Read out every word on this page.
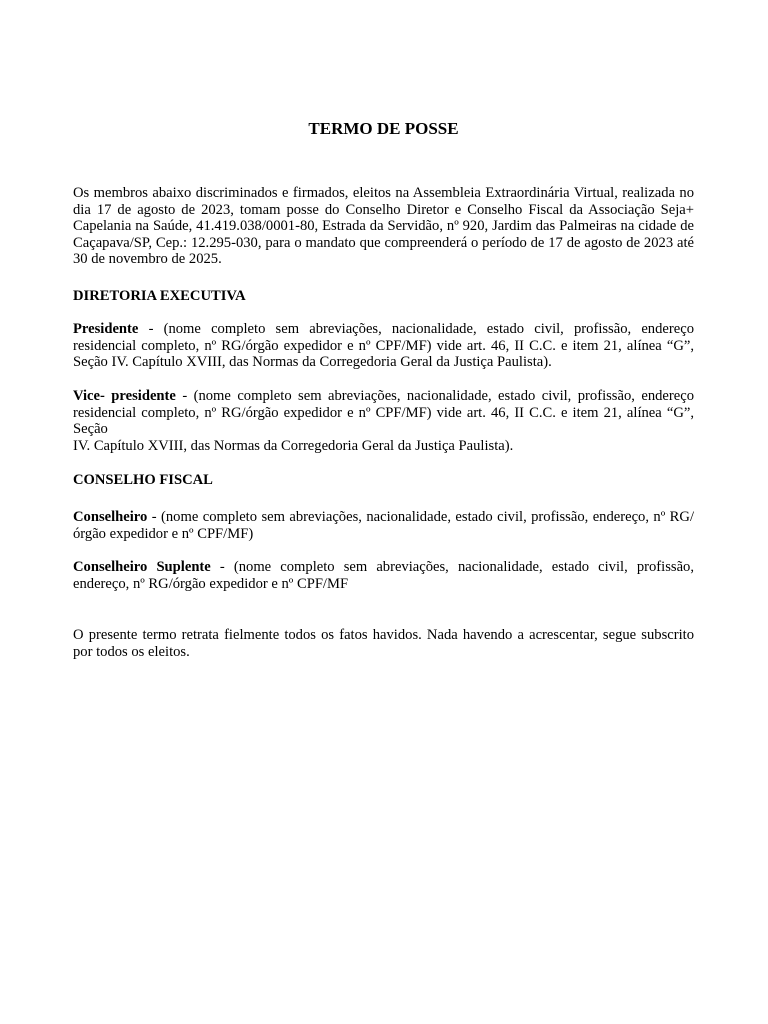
TERMO DE POSSE

Os membros abaixo discriminados e firmados, eleitos na Assembleia Extraordinária Virtual, realizada no dia 17 de agosto de 2023, tomam posse do Conselho Diretor e Conselho Fiscal da Associação Seja+ Capelania na Saúde, 41.419.038/0001-80, Estrada da Servidão, nº 920, Jardim das Palmeiras na cidade de Caçapava/SP, Cep.: 12.295-030, para o mandato que compreenderá o período de 17 de agosto de 2023 até 30 de novembro de 2025.

DIRETORIA EXECUTIVA

Presidente - (nome completo sem abreviações, nacionalidade, estado civil, profissão, endereço residencial completo, nº RG/órgão expedidor e nº CPF/MF) vide art. 46, II C.C. e item 21, alínea “G”, Seção IV. Capítulo XVIII, das Normas da Corregedoria Geral da Justiça Paulista).

Vice- presidente - (nome completo sem abreviações, nacionalidade, estado civil, profissão, endereço residencial completo, nº RG/órgão expedidor e nº CPF/MF) vide art. 46, II C.C. e item 21, alínea “G”, Seção
IV. Capítulo XVIII, das Normas da Corregedoria Geral da Justiça Paulista).

CONSELHO FISCAL

Conselheiro - (nome completo sem abreviações, nacionalidade, estado civil, profissão, endereço, nº RG/órgão expedidor e nº CPF/MF)

Conselheiro Suplente - (nome completo sem abreviações, nacionalidade, estado civil, profissão, endereço, nº RG/órgão expedidor e nº CPF/MF

O presente termo retrata fielmente todos os fatos havidos. Nada havendo a acrescentar, segue subscrito por todos os eleitos.
